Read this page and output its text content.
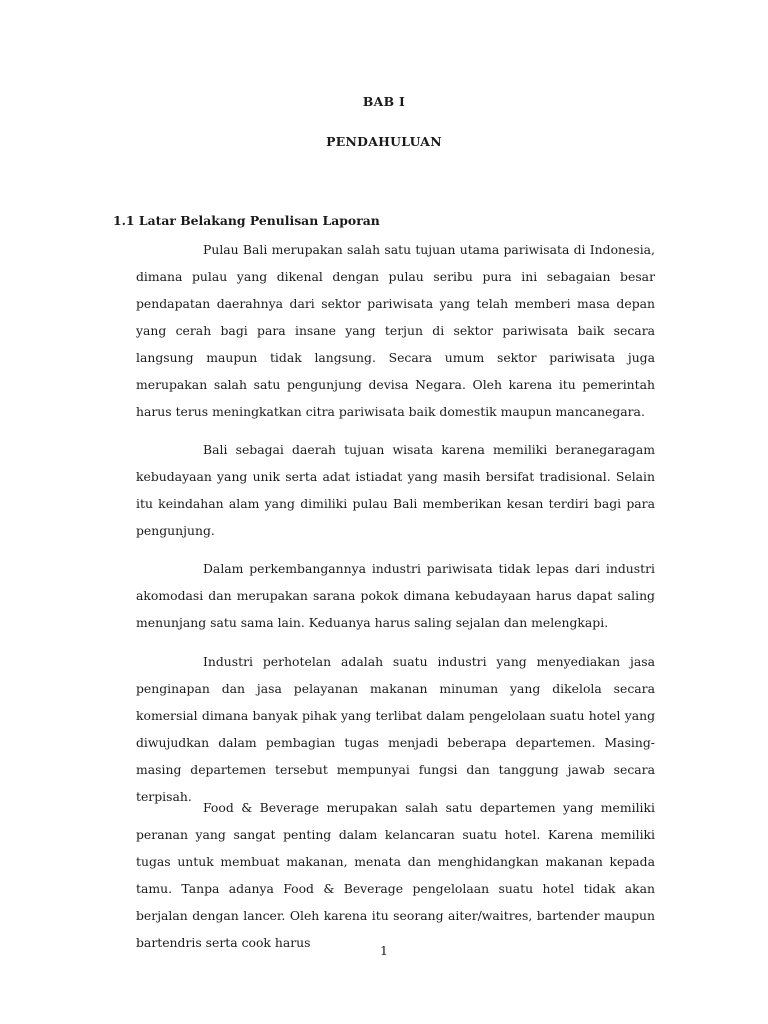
BAB I
PENDAHULUAN
1.1 Latar Belakang Penulisan Laporan

Pulau Bali merupakan salah satu tujuan utama pariwisata di Indonesia, dimana pulau yang dikenal dengan pulau seribu pura ini sebagaian besar pendapatan daerahnya dari sektor pariwisata yang telah memberi masa depan yang cerah bagi para insane yang terjun di sektor pariwisata baik secara langsung maupun tidak langsung. Secara umum sektor pariwisata juga merupakan salah satu pengunjung devisa Negara. Oleh karena itu pemerintah harus terus meningkatkan citra pariwisata baik domestik maupun mancanegara.

Bali sebagai daerah tujuan wisata karena memiliki beranegaragam kebudayaan yang unik serta adat istiadat yang masih bersifat tradisional. Selain itu keindahan alam yang dimiliki pulau Bali memberikan kesan terdiri bagi para pengunjung.

Dalam perkembangannya industri pariwisata tidak lepas dari industri akomodasi dan merupakan sarana pokok dimana kebudayaan harus dapat saling menunjang satu sama lain. Keduanya harus saling sejalan dan melengkapi.

Industri perhotelan adalah suatu industri yang menyediakan jasa penginapan dan jasa pelayanan makanan minuman yang dikelola secara komersial dimana banyak pihak yang terlibat dalam pengelolaan suatu hotel yang diwujudkan dalam pembagian tugas menjadi beberapa departemen. Masing-masing departemen tersebut mempunyai fungsi dan tanggung jawab secara terpisah.

Food & Beverage merupakan salah satu departemen yang memiliki peranan yang sangat penting dalam kelancaran suatu hotel. Karena memiliki tugas untuk membuat makanan, menata dan menghidangkan makanan kepada tamu. Tanpa adanya Food & Beverage pengelolaan suatu hotel tidak akan berjalan dengan lancer. Oleh karena itu seorang aiter/waitres, bartender maupun bartendris serta cook harus

1
